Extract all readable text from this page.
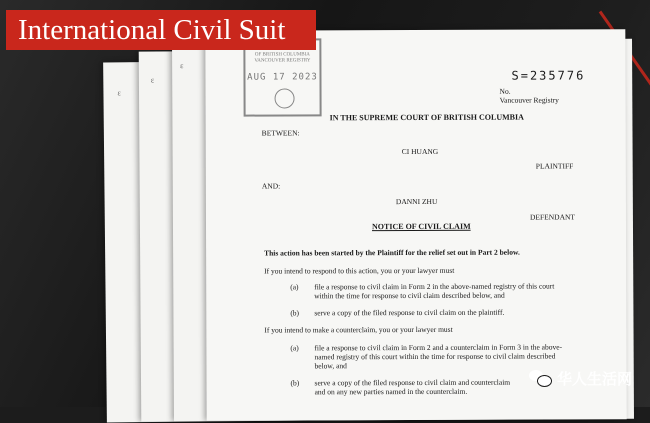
ɛ
ɛ
ɛ
OF BRITISH COLUMBIA
VANCOUVER REGISTRY
AUG 17 2023	S=235776
No.
Vancouver Registry
IN THE SUPREME COURT OF BRITISH COLUMBIA
BETWEEN:
CI HUANG
PLAINTIFF
AND:
DANNI ZHU
DEFENDANT
NOTICE OF CIVIL CLAIM
This action has been started by the Plaintiff for the relief set out in Part 2 below.
If you intend to respond to this action, you or your lawyer must
(a) file a response to civil claim in Form 2 in the above-named registry of this court
within the time for response to civil claim described below, and
(b) serve a copy of the filed response to civil claim on the plaintiff.
If you intend to make a counterclaim, you or your lawyer must
(a) file a response to civil claim in Form 2 and a counterclaim in Form 3 in the above-
named registry of this court within the time for response to civil claim described
below, and
(b) serve a copy of the filed response to civil claim and counterclaim
and on any new parties named in the counterclaim.
International Civil Suit
华人生活网
